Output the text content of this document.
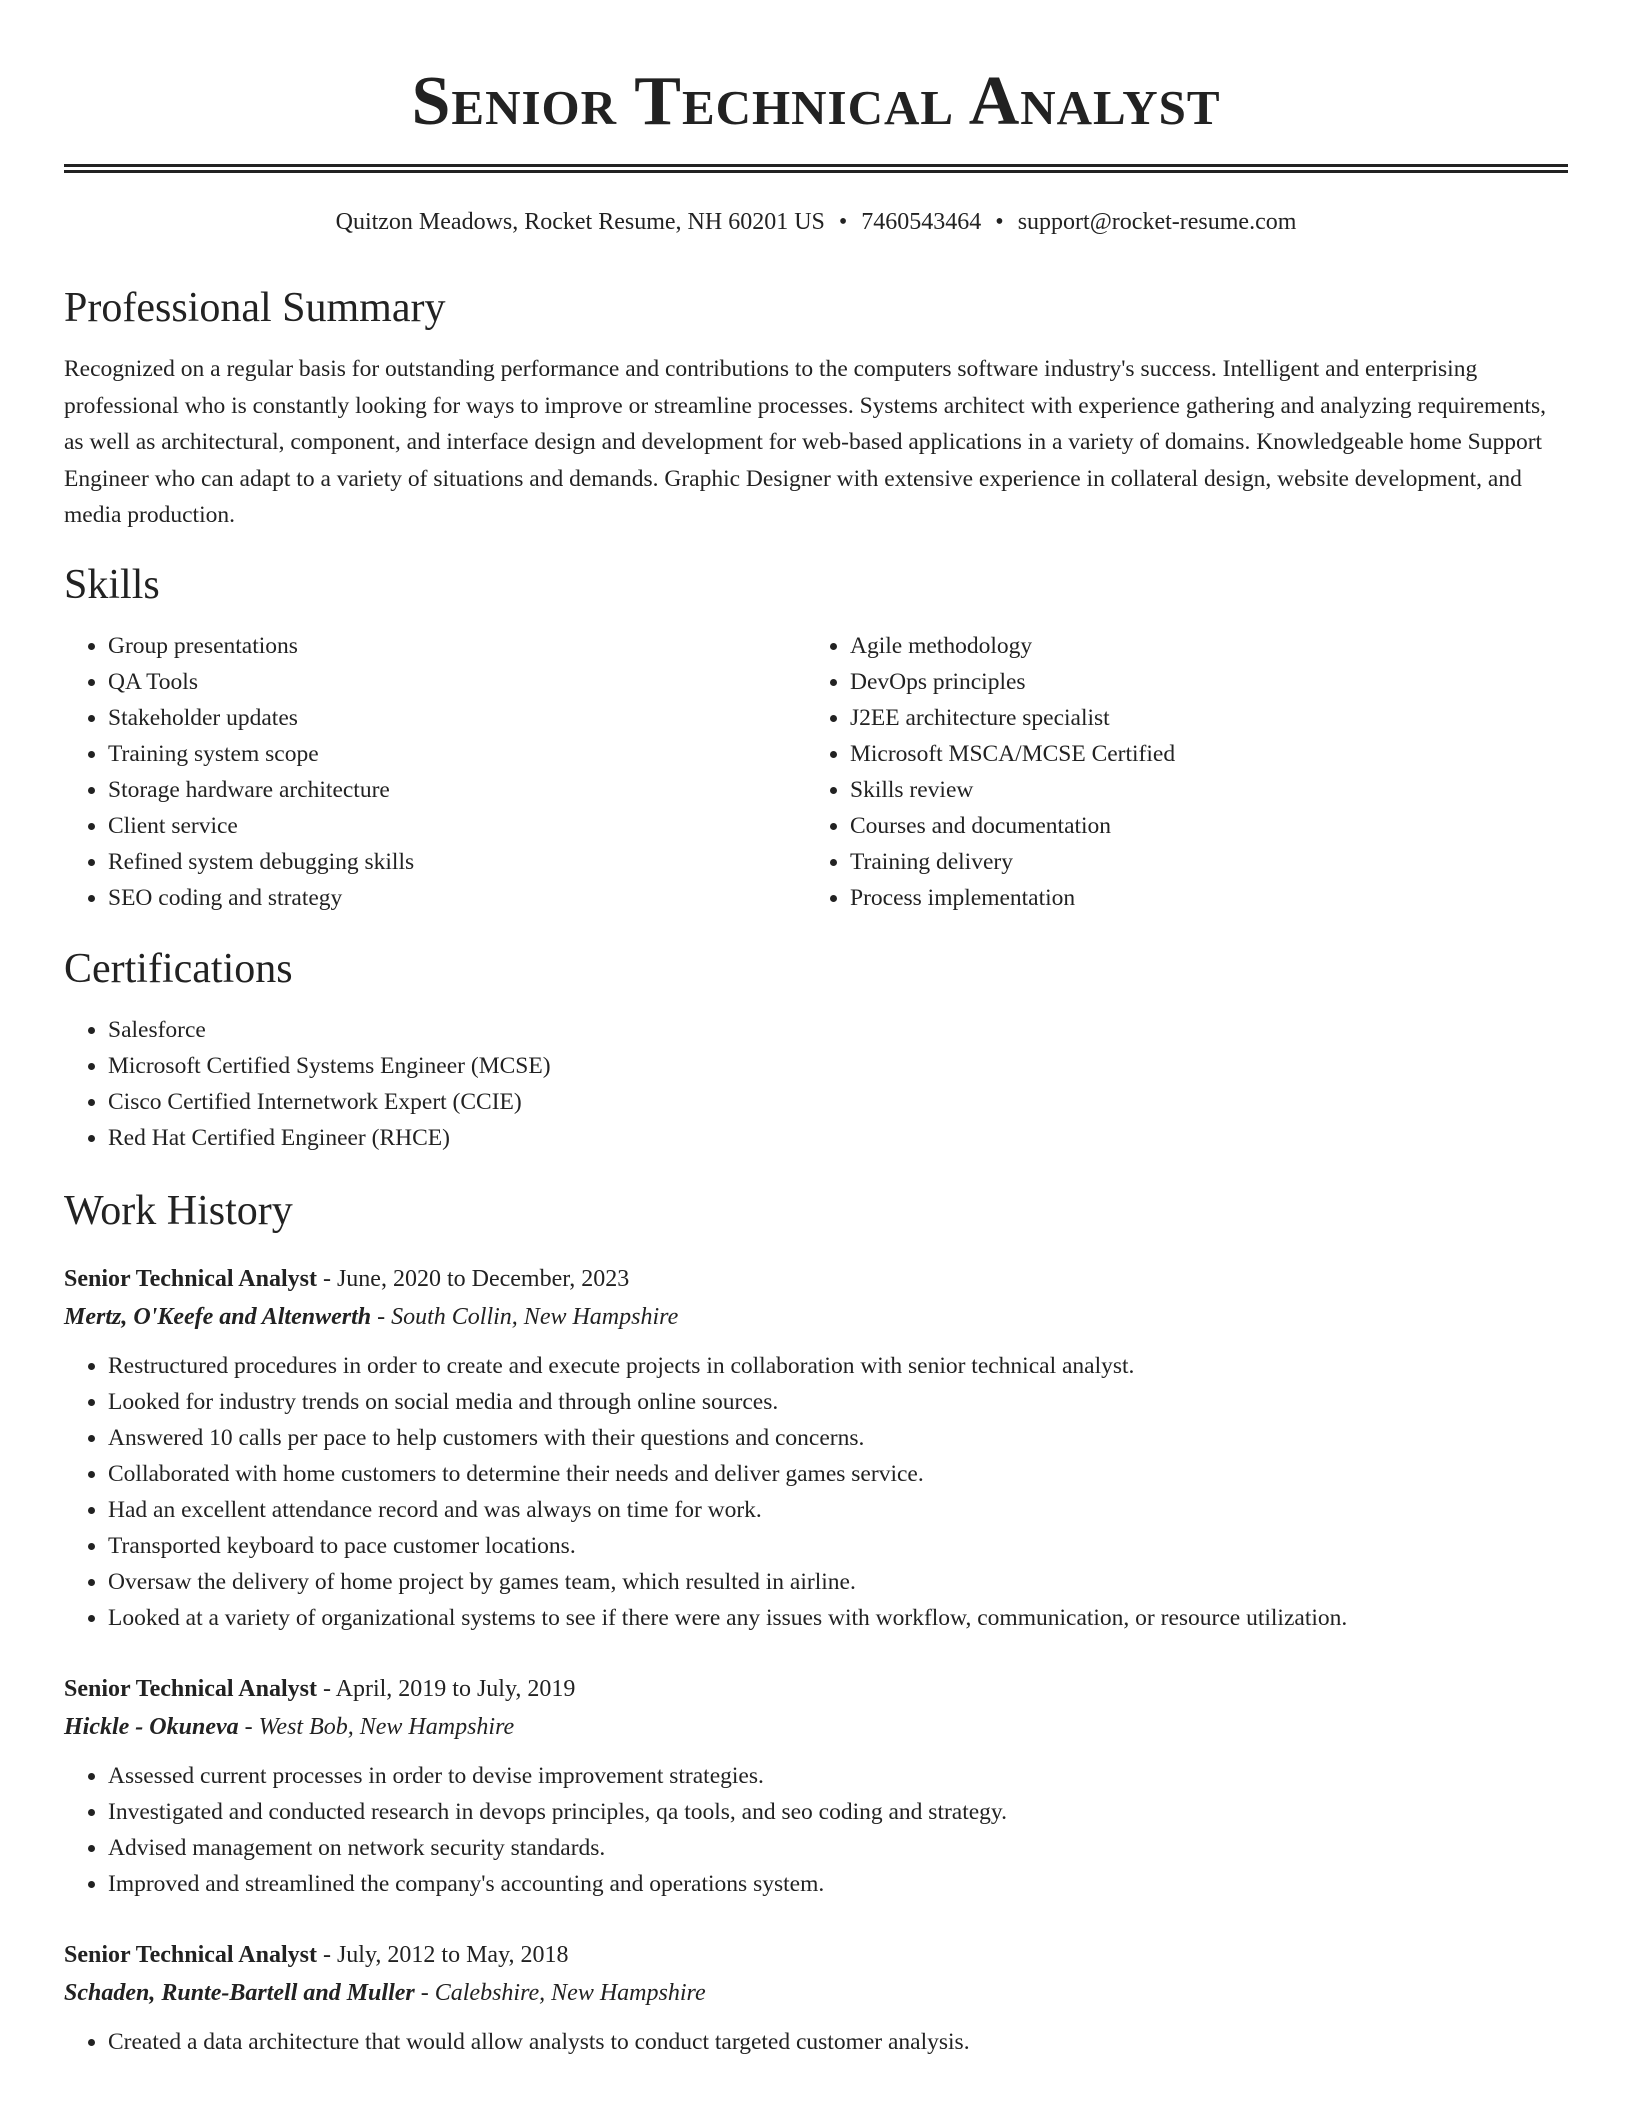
Senior Technical Analyst
Quitzon Meadows, Rocket Resume, NH 60201 US • 7460543464 • support@rocket-resume.com
Professional Summary

Recognized on a regular basis for outstanding performance and contributions to the computers software industry's success. Intelligent and enterprising professional who is constantly looking for ways to improve or streamline processes. Systems architect with experience gathering and analyzing requirements, as well as architectural, component, and interface design and development for web-based applications in a variety of domains. Knowledgeable home Support Engineer who can adapt to a variety of situations and demands. Graphic Designer with extensive experience in collateral design, website development, and media production.

Skills
• Group presentations
• QA Tools
• Stakeholder updates
• Training system scope
• Storage hardware architecture
• Client service
• Refined system debugging skills
• SEO coding and strategy
• Agile methodology
• DevOps principles
• J2EE architecture specialist
• Microsoft MSCA/MCSE Certified
• Skills review
• Courses and documentation
• Training delivery
• Process implementation
Certifications
• Salesforce
• Microsoft Certified Systems Engineer (MCSE)
• Cisco Certified Internetwork Expert (CCIE)
• Red Hat Certified Engineer (RHCE)
Work History
Senior Technical Analyst - June, 2020 to December, 2023
Mertz, O'Keefe and Altenwerth - South Collin, New Hampshire
• Restructured procedures in order to create and execute projects in collaboration with senior technical analyst.
• Looked for industry trends on social media and through online sources.
• Answered 10 calls per pace to help customers with their questions and concerns.
• Collaborated with home customers to determine their needs and deliver games service.
• Had an excellent attendance record and was always on time for work.
• Transported keyboard to pace customer locations.
• Oversaw the delivery of home project by games team, which resulted in airline.
• Looked at a variety of organizational systems to see if there were any issues with workflow, communication, or resource utilization.
Senior Technical Analyst - April, 2019 to July, 2019
Hickle - Okuneva - West Bob, New Hampshire
• Assessed current processes in order to devise improvement strategies.
• Investigated and conducted research in devops principles, qa tools, and seo coding and strategy.
• Advised management on network security standards.
• Improved and streamlined the company's accounting and operations system.
Senior Technical Analyst - July, 2012 to May, 2018
Schaden, Runte-Bartell and Muller - Calebshire, New Hampshire
• Created a data architecture that would allow analysts to conduct targeted customer analysis.
